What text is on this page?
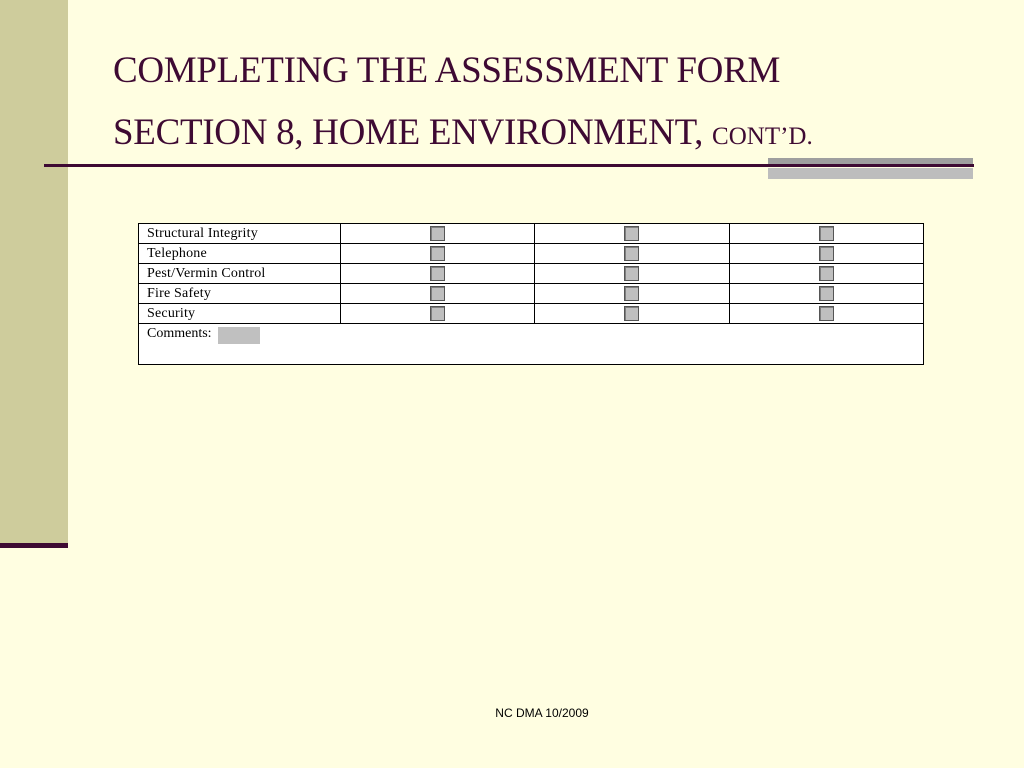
COMPLETING THE ASSESSMENT FORM
SECTION 8, HOME ENVIRONMENT, CONT’D.
Structural Integrity			
Telephone			
Pest/Vermin Control			
Fire Safety			
Security			
Comments:			
NC DMA 10/2009
